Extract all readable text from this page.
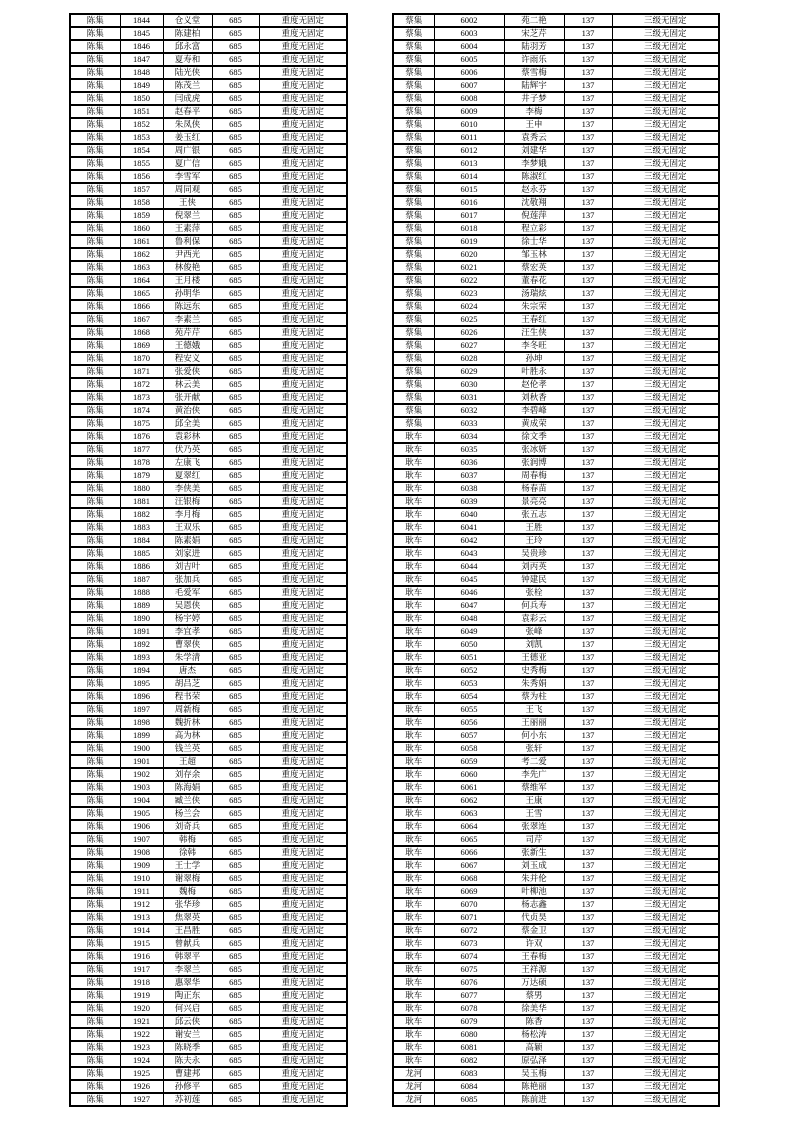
陈集	1844	仓义堂	685	重度无固定
陈集	1845	陈建柏	685	重度无固定
陈集	1846	邱永富	685	重度无固定
陈集	1847	夏寿和	685	重度无固定
陈集	1848	陆光侠	685	重度无固定
陈集	1849	陈茂兰	685	重度无固定
陈集	1850	闫成虎	685	重度无固定
陈集	1851	赵春平	685	重度无固定
陈集	1852	朱凤侠	685	重度无固定
陈集	1853	姜玉红	685	重度无固定
陈集	1854	周广银	685	重度无固定
陈集	1855	夏广信	685	重度无固定
陈集	1856	李雪军	685	重度无固定
陈集	1857	周同观	685	重度无固定
陈集	1858	王侠	685	重度无固定
陈集	1859	倪翠兰	685	重度无固定
陈集	1860	王素萍	685	重度无固定
陈集	1861	鲁利保	685	重度无固定
陈集	1862	尹西光	685	重度无固定
陈集	1863	林俊艳	685	重度无固定
陈集	1864	王月楼	685	重度无固定
陈集	1865	孙明华	685	重度无固定
陈集	1866	陈远东	685	重度无固定
陈集	1867	李素兰	685	重度无固定
陈集	1868	苑芹芹	685	重度无固定
陈集	1869	王德娥	685	重度无固定
陈集	1870	程安义	685	重度无固定
陈集	1871	张爱侠	685	重度无固定
陈集	1872	林云美	685	重度无固定
陈集	1873	张开献	685	重度无固定
陈集	1874	黄治侠	685	重度无固定
陈集	1875	邱全美	685	重度无固定
陈集	1876	袁彩林	685	重度无固定
陈集	1877	伏乃英	685	重度无固定
陈集	1878	左康飞	685	重度无固定
陈集	1879	夏翠红	685	重度无固定
陈集	1880	李侠美	685	重度无固定
陈集	1881	汪银梅	685	重度无固定
陈集	1882	李月梅	685	重度无固定
陈集	1883	王双乐	685	重度无固定
陈集	1884	陈素娟	685	重度无固定
陈集	1885	刘家进	685	重度无固定
陈集	1886	刘吉叶	685	重度无固定
陈集	1887	张加兵	685	重度无固定
陈集	1888	毛爱军	685	重度无固定
陈集	1889	吴恩侠	685	重度无固定
陈集	1890	杨宇婷	685	重度无固定
陈集	1891	李宜孝	685	重度无固定
陈集	1892	曹翠侠	685	重度无固定
陈集	1893	朱学清	685	重度无固定
陈集	1894	唐杰	685	重度无固定
陈集	1895	胡吕芝	685	重度无固定
陈集	1896	程书荣	685	重度无固定
陈集	1897	周新梅	685	重度无固定
陈集	1898	魏折林	685	重度无固定
陈集	1899	高为林	685	重度无固定
陈集	1900	钱兰英	685	重度无固定
陈集	1901	王超	685	重度无固定
陈集	1902	刘存余	685	重度无固定
陈集	1903	陈海娟	685	重度无固定
陈集	1904	臧兰侠	685	重度无固定
陈集	1905	杨兰会	685	重度无固定
陈集	1906	刘奇兵	685	重度无固定
陈集	1907	韩梅	685	重度无固定
陈集	1908	徐韩	685	重度无固定
陈集	1909	王士学	685	重度无固定
陈集	1910	谢翠梅	685	重度无固定
陈集	1911	魏梅	685	重度无固定
陈集	1912	张华珍	685	重度无固定
陈集	1913	焦翠英	685	重度无固定
陈集	1914	王昌胜	685	重度无固定
陈集	1915	曾献兵	685	重度无固定
陈集	1916	韩翠平	685	重度无固定
陈集	1917	李翠兰	685	重度无固定
陈集	1918	惠翠华	685	重度无固定
陈集	1919	陶正东	685	重度无固定
陈集	1920	何兴启	685	重度无固定
陈集	1921	邱云侠	685	重度无固定
陈集	1922	谢安兰	685	重度无固定
陈集	1923	陈晓季	685	重度无固定
陈集	1924	陈夫永	685	重度无固定
陈集	1925	曹建邦	685	重度无固定
陈集	1926	孙修平	685	重度无固定
陈集	1927	苏初莲	685	重度无固定
蔡集	6002	苑二艳	137	三级无固定
蔡集	6003	宋芝芹	137	三级无固定
蔡集	6004	陆羽芳	137	三级无固定
蔡集	6005	许雨乐	137	三级无固定
蔡集	6006	蔡雪梅	137	三级无固定
蔡集	6007	陆辉宇	137	三级无固定
蔡集	6008	井子梦	137	三级无固定
蔡集	6009	李梅	137	三级无固定
蔡集	6010	王申	137	三级无固定
蔡集	6011	袁秀云	137	三级无固定
蔡集	6012	刘建华	137	三级无固定
蔡集	6013	李梦娥	137	三级无固定
蔡集	6014	陈淑红	137	三级无固定
蔡集	6015	赵永芬	137	三级无固定
蔡集	6016	沈敬翔	137	三级无固定
蔡集	6017	倪莲萍	137	三级无固定
蔡集	6018	程立彩	137	三级无固定
蔡集	6019	徐士华	137	三级无固定
蔡集	6020	邹玉林	137	三级无固定
蔡集	6021	蔡宏英	137	三级无固定
蔡集	6022	董春花	137	三级无固定
蔡集	6023	汤瑞炫	137	三级无固定
蔡集	6024	朱宗荣	137	三级无固定
蔡集	6025	王春红	137	三级无固定
蔡集	6026	汪生侠	137	三级无固定
蔡集	6027	李冬旺	137	三级无固定
蔡集	6028	孙坤	137	三级无固定
蔡集	6029	叶胜永	137	三级无固定
蔡集	6030	赵伦孝	137	三级无固定
蔡集	6031	刘秋香	137	三级无固定
蔡集	6032	李碧峰	137	三级无固定
蔡集	6033	黄成荣	137	三级无固定
耿车	6034	徐文季	137	三级无固定
耿车	6035	张冰妍	137	三级无固定
耿车	6036	张润博	137	三级无固定
耿车	6037	周春梅	137	三级无固定
耿车	6038	杨春苗	137	三级无固定
耿车	6039	景亮亮	137	三级无固定
耿车	6040	张五志	137	三级无固定
耿车	6041	王胜	137	三级无固定
耿车	6042	王玲	137	三级无固定
耿车	6043	吴贵珍	137	三级无固定
耿车	6044	刘丙英	137	三级无固定
耿车	6045	钟建民	137	三级无固定
耿车	6046	张栓	137	三级无固定
耿车	6047	何兵寿	137	三级无固定
耿车	6048	袁彩云	137	三级无固定
耿车	6049	张峰	137	三级无固定
耿车	6050	刘凯	137	三级无固定
耿车	6051	王德亚	137	三级无固定
耿车	6052	史秀梅	137	三级无固定
耿车	6053	朱秀娟	137	三级无固定
耿车	6054	蔡为柱	137	三级无固定
耿车	6055	王飞	137	三级无固定
耿车	6056	王丽丽	137	三级无固定
耿车	6057	何小东	137	三级无固定
耿车	6058	张轩	137	三级无固定
耿车	6059	考二爱	137	三级无固定
耿车	6060	李先广	137	三级无固定
耿车	6061	蔡维军	137	三级无固定
耿车	6062	王康	137	三级无固定
耿车	6063	王雪	137	三级无固定
耿车	6064	张翠连	137	三级无固定
耿车	6065	司芹	137	三级无固定
耿车	6066	张新生	137	三级无固定
耿车	6067	刘玉成	137	三级无固定
耿车	6068	朱并伦	137	三级无固定
耿车	6069	叶柳池	137	三级无固定
耿车	6070	杨志鑫	137	三级无固定
耿车	6071	代贞昊	137	三级无固定
耿车	6072	蔡金卫	137	三级无固定
耿车	6073	许双	137	三级无固定
耿车	6074	王春梅	137	三级无固定
耿车	6075	王祥源	137	三级无固定
耿车	6076	万达硕	137	三级无固定
耿车	6077	蔡男	137	三级无固定
耿车	6078	徐美华	137	三级无固定
耿车	6079	陈香	137	三级无固定
耿车	6080	杨松涛	137	三级无固定
耿车	6081	高颖	137	三级无固定
耿车	6082	原弘泽	137	三级无固定
龙河	6083	吴玉梅	137	三级无固定
龙河	6084	陈艳丽	137	三级无固定
龙河	6085	陈前进	137	三级无固定
